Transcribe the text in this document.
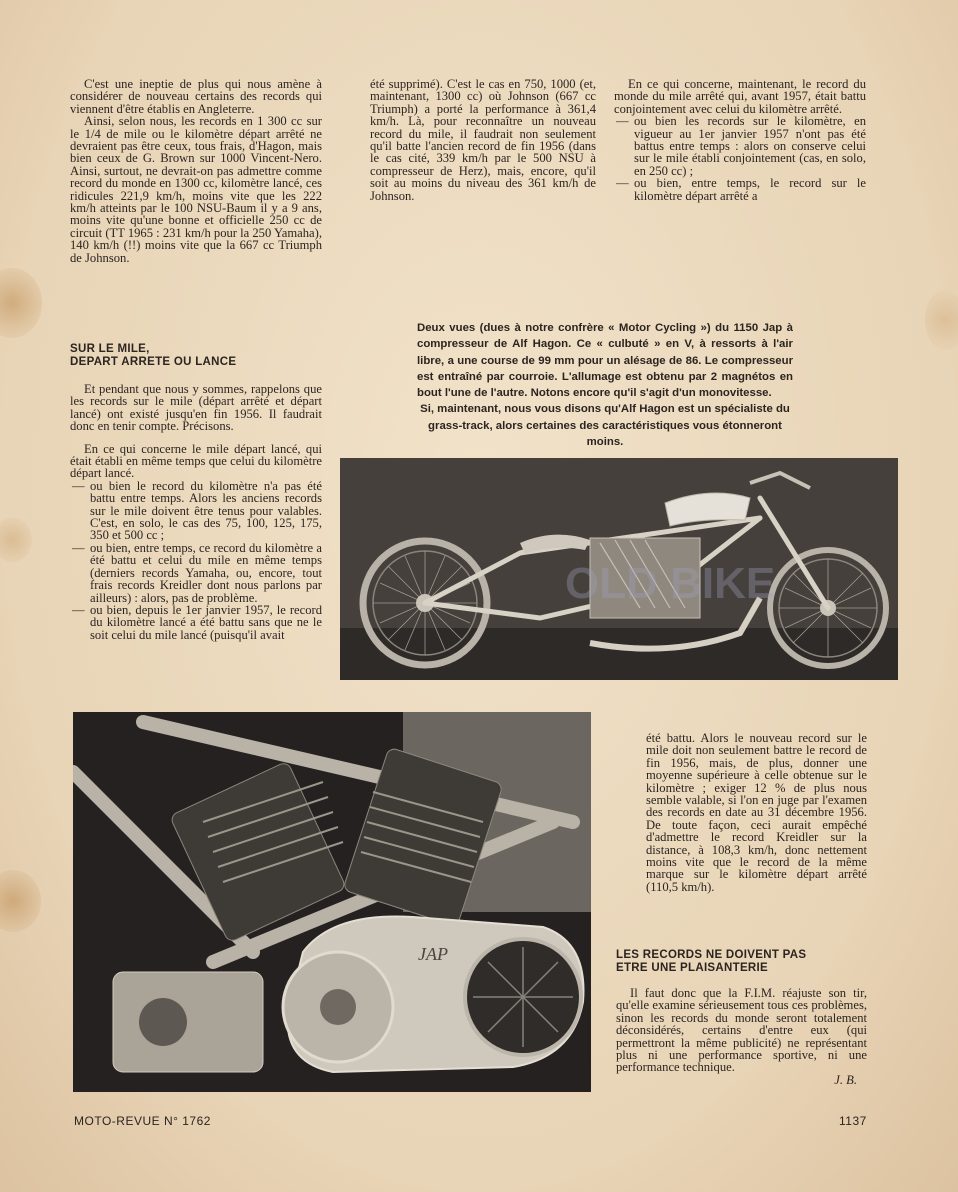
C'est une ineptie de plus qui nous amène à considérer de nouveau certains des records qui viennent d'être établis en Angleterre.

Ainsi, selon nous, les records en 1 300 cc sur le 1/4 de mile ou le kilomètre départ arrêté ne devraient pas être ceux, tous frais, d'Hagon, mais bien ceux de G. Brown sur 1000 Vincent-Nero. Ainsi, surtout, ne devrait-on pas admettre comme record du monde en 1300 cc, kilomètre lancé, ces ridicules 221,9 km/h, moins vite que les 222 km/h atteints par le 100 NSU-Baum il y a 9 ans, moins vite qu'une bonne et officielle 250 cc de circuit (TT 1965 : 231 km/h pour la 250 Yamaha), 140 km/h (!!) moins vite que la 667 cc Triumph de Johnson.

SUR LE MILE,
DEPART ARRETE OU LANCE

Et pendant que nous y sommes, rappelons que les records sur le mile (départ arrêté et départ lancé) ont existé jusqu'en fin 1956. Il faudrait donc en tenir compte. Précisons.

En ce qui concerne le mile départ lancé, qui était établi en même temps que celui du kilomètre départ lancé.

— ou bien le record du kilomètre n'a pas été battu entre temps. Alors les anciens records sur le mile doivent être tenus pour valables. C'est, en solo, le cas des 75, 100, 125, 175, 350 et 500 cc ;

— ou bien, entre temps, ce record du kilomètre a été battu et celui du mile en même temps (derniers records Yamaha, ou, encore, tout frais records Kreidler dont nous parlons par ailleurs) : alors, pas de problème.

— ou bien, depuis le 1er janvier 1957, le record du kilomètre lancé a été battu sans que ne le soit celui du mile lancé (puisqu'il avait

été supprimé). C'est le cas en 750, 1000 (et, maintenant, 1300 cc) où Johnson (667 cc Triumph) a porté la performance à 361,4 km/h. Là, pour reconnaître un nouveau record du mile, il faudrait non seulement qu'il batte l'ancien record de fin 1956 (dans le cas cité, 339 km/h par le 500 NSU à compresseur de Herz), mais, encore, qu'il soit au moins du niveau des 361 km/h de Johnson.

En ce qui concerne, maintenant, le record du monde du mile arrêté qui, avant 1957, était battu conjointement avec celui du kilomètre arrêté.

— ou bien les records sur le kilomètre, en vigueur au 1er janvier 1957 n'ont pas été battus entre temps : alors on conserve celui sur le mile établi conjointement (cas, en solo, en 250 cc) ;

— ou bien, entre temps, le record sur le kilomètre départ arrêté a

Deux vues (dues à notre confrère « Motor Cycling ») du 1150 Jap à compresseur de Alf Hagon. Ce « culbuté » en V, à ressorts à l'air libre, a une course de 99 mm pour un alésage de 86. Le compresseur est entraîné par courroie. L'allumage est obtenu par 2 magnétos en bout l'une de l'autre. Notons encore qu'il s'agit d'un monovitesse.

Si, maintenant, nous vous disons qu'Alf Hagon est un spécialiste du grass-track, alors certaines des caractéristiques vous étonneront moins.

OLD BIKE
JAP

été battu. Alors le nouveau record sur le mile doit non seulement battre le record de fin 1956, mais, de plus, donner une moyenne supérieure à celle obtenue sur le kilomètre ; exiger 12 % de plus nous semble valable, si l'on en juge par l'examen des records en date au 31 décembre 1956. De toute façon, ceci aurait empêché d'admettre le record Kreidler sur la distance, à 108,3 km/h, donc nettement moins vite que le record de la même marque sur le kilomètre départ arrêté (110,5 km/h).

LES RECORDS NE DOIVENT PAS
ETRE UNE PLAISANTERIE

Il faut donc que la F.I.M. réajuste son tir, qu'elle examine sérieusement tous ces problèmes, sinon les records du monde seront totalement déconsidérés, certains d'entre eux (qui permettront la même publicité) ne représentant plus ni une performance sportive, ni une performance technique.

J. B.

MOTO-REVUE N° 1762	1137
